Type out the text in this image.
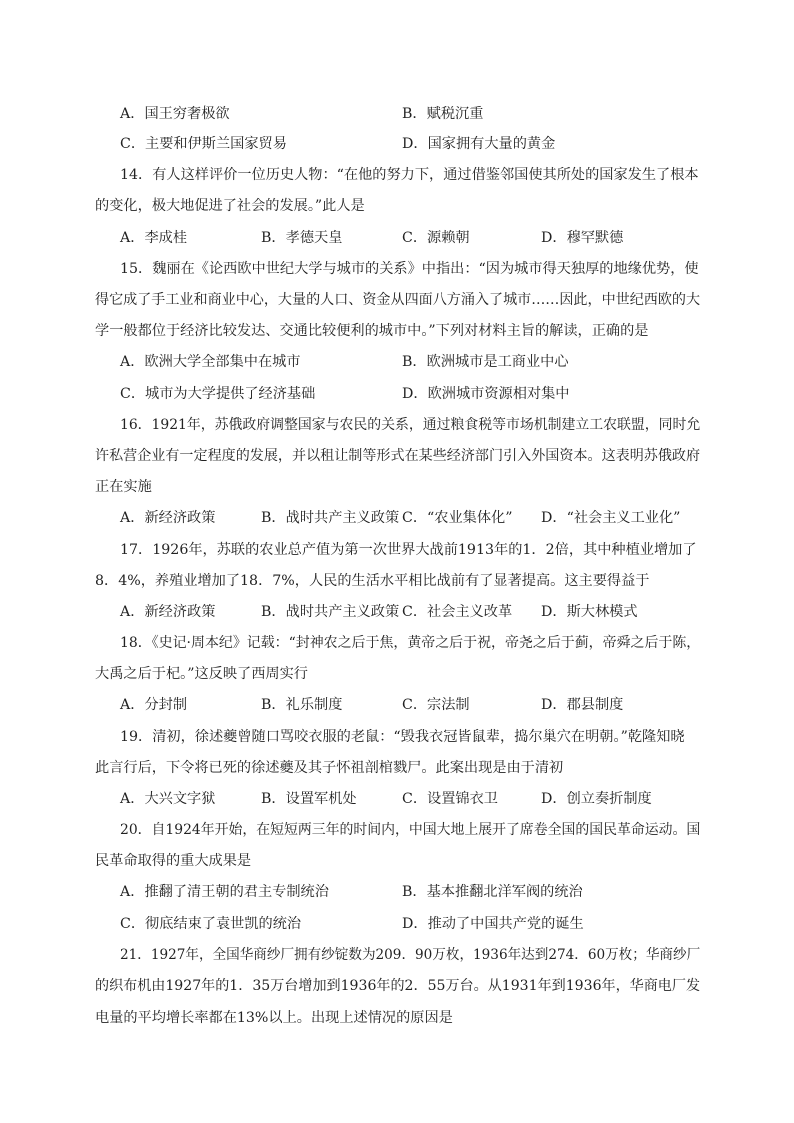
A．国王穷奢极欲	B．赋税沉重
C．主要和伊斯兰国家贸易	D．国家拥有大量的黄金
14．有人这样评价一位历史人物：“在他的努力下，通过借鉴邻国使其所处的国家发生了根本
的变化，极大地促进了社会的发展。”此人是
A．李成桂	B．孝德天皇	C．源赖朝	D．穆罕默德
15．魏丽在《论西欧中世纪大学与城市的关系》中指出：“因为城市得天独厚的地缘优势，使
得它成了手工业和商业中心，大量的人口、资金从四面八方涌入了城市……因此，中世纪西欧的大
学一般都位于经济比较发达、交通比较便利的城市中。”下列对材料主旨的解读，正确的是
A．欧洲大学全部集中在城市	B．欧洲城市是工商业中心
C．城市为大学提供了经济基础	D．欧洲城市资源相对集中
16．1921年，苏俄政府调整国家与农民的关系，通过粮食税等市场机制建立工农联盟，同时允
许私营企业有一定程度的发展，并以租让制等形式在某些经济部门引入外国资本。这表明苏俄政府
正在实施
A．新经济政策	B．战时共产主义政策 C．“农业集体化” D．“社会主义工业化”
17．1926年，苏联的农业总产值为第一次世界大战前1913年的1．2倍，其中种植业增加了
8．4%，养殖业增加了18．7%，人民的生活水平相比战前有了显著提高。这主要得益于
A．新经济政策	B．战时共产主义政策 C．社会主义改革 D．斯大林模式
18．《史记·周本纪》记载：“封神农之后于焦，黄帝之后于祝，帝尧之后于蓟，帝舜之后于陈，
大禹之后于杞。”这反映了西周实行
A．分封制	B．礼乐制度	C．宗法制	D．郡县制度
19．清初，徐述夔曾随口骂咬衣服的老鼠：“毁我衣冠皆鼠辈，捣尔巢穴在明朝。”乾隆知晓
此言行后，下令将已死的徐述夔及其子怀祖剖棺戮尸。此案出现是由于清初
A．大兴文字狱	B．设置军机处	C．设置锦衣卫	D．创立奏折制度
20．自1924年开始，在短短两三年的时间内，中国大地上展开了席卷全国的国民革命运动。国
民革命取得的重大成果是
A．推翻了清王朝的君主专制统治	B．基本推翻北洋军阀的统治
C．彻底结束了袁世凯的统治	D．推动了中国共产党的诞生
21．1927年，全国华商纱厂拥有纱锭数为209．90万枚，1936年达到274．60万枚；华商纱厂
的织布机由1927年的1．35万台增加到1936年的2．55万台。从1931年到1936年，华商电厂发
电量的平均增长率都在13%以上。出现上述情况的原因是
